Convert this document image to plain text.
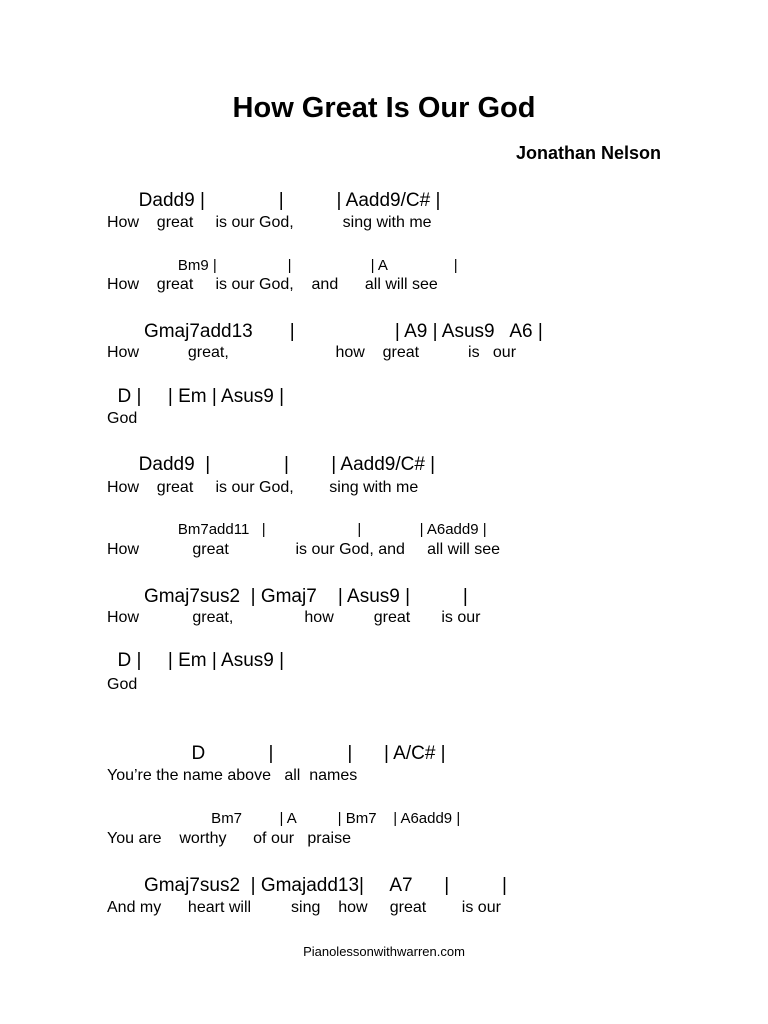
How Great Is Our God

Jonathan Nelson

Dadd9 |              |          | Aadd9/C# |

How    great     is our God,           sing with me

Bm9 |                 |                   | A                |

How    great     is our God,    and      all will see

Gmaj7add13       |                   | A9 | Asus9   A6 |

How           great,                        how    great           is   our

D |     | Em | Asus9 |

God

Dadd9  |              |        | Aadd9/C# |

How    great     is our God,        sing with me

Bm7add11   |                      |              | A6add9 |

How            great               is our God, and     all will see

Gmaj7sus2  | Gmaj7    | Asus9 |          |

How            great,                how         great       is our

D |     | Em | Asus9 |

God

D            |              |      | A/C# |

You’re the name above   all  names

Bm7         | A          | Bm7    | A6add9 |

You are    worthy      of our   praise

Gmaj7sus2  | Gmajadd13|     A7      |          |

And my      heart will         sing    how     great        is our

Pianolessonwithwarren.com
